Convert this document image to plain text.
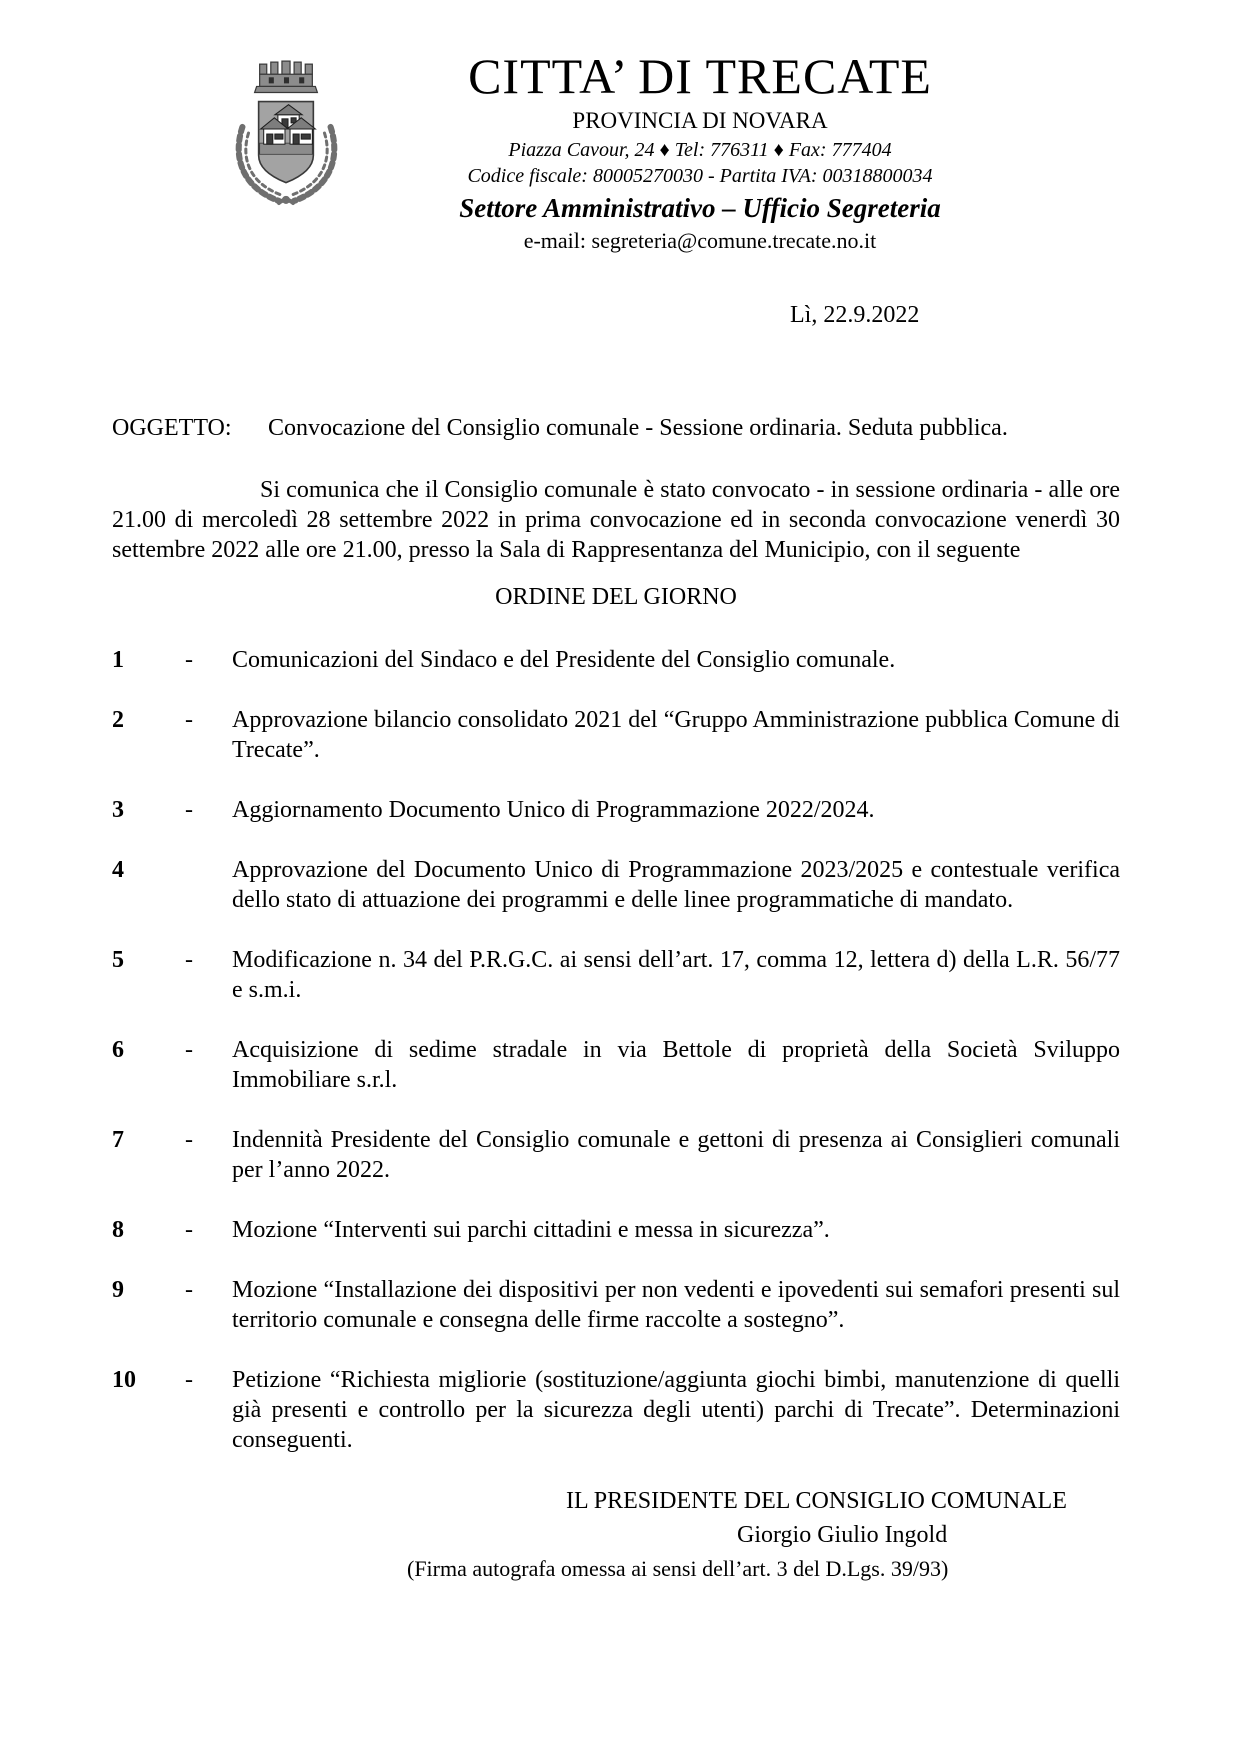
CITTA’ DI TRECATE
PROVINCIA DI NOVARA
Piazza Cavour, 24 ♦ Tel: 776311 ♦ Fax: 777404
Codice fiscale: 80005270030 - Partita IVA: 00318800034
Settore Amministrativo – Ufficio Segreteria
e-mail: segreteria@comune.trecate.no.it
Lì, 22.9.2022
OGGETTO:	Convocazione del Consiglio comunale - Sessione ordinaria. Seduta pubblica.
Si comunica che il Consiglio comunale è stato convocato - in sessione ordinaria - alle ore 21.00 di mercoledì 28 settembre 2022 in prima convocazione ed in seconda convocazione venerdì 30 settembre 2022 alle ore 21.00, presso la Sala di Rappresentanza del Municipio, con il seguente
ORDINE DEL GIORNO
1	-	Comunicazioni del Sindaco e del Presidente del Consiglio comunale.
2	-	Approvazione bilancio consolidato 2021 del “Gruppo Amministrazione pubblica Comune di Trecate”.
3	-	Aggiornamento Documento Unico di Programmazione 2022/2024.
4	Approvazione del Documento Unico di Programmazione 2023/2025 e contestuale verifica dello stato di attuazione dei programmi e delle linee programmatiche di mandato.
5	-	Modificazione n. 34 del P.R.G.C. ai sensi dell’art. 17, comma 12, lettera d) della L.R. 56/77 e s.m.i.
6	-	Acquisizione di sedime stradale in via Bettole di proprietà della Società Sviluppo Immobiliare s.r.l.
7	-	Indennità Presidente del Consiglio comunale e gettoni di presenza ai Consiglieri comunali per l’anno 2022.
8	-	Mozione “Interventi sui parchi cittadini e messa in sicurezza”.
9	-	Mozione “Installazione dei dispositivi per non vedenti e ipovedenti sui semafori presenti sul territorio comunale e consegna delle firme raccolte a sostegno”.
10	-	Petizione “Richiesta migliorie (sostituzione/aggiunta giochi bimbi, manutenzione di quelli già presenti e controllo per la sicurezza degli utenti) parchi di Trecate”. Determinazioni conseguenti.
IL PRESIDENTE DEL CONSIGLIO COMUNALE
Giorgio Giulio Ingold
(Firma autografa omessa ai sensi dell’art. 3 del D.Lgs. 39/93)
